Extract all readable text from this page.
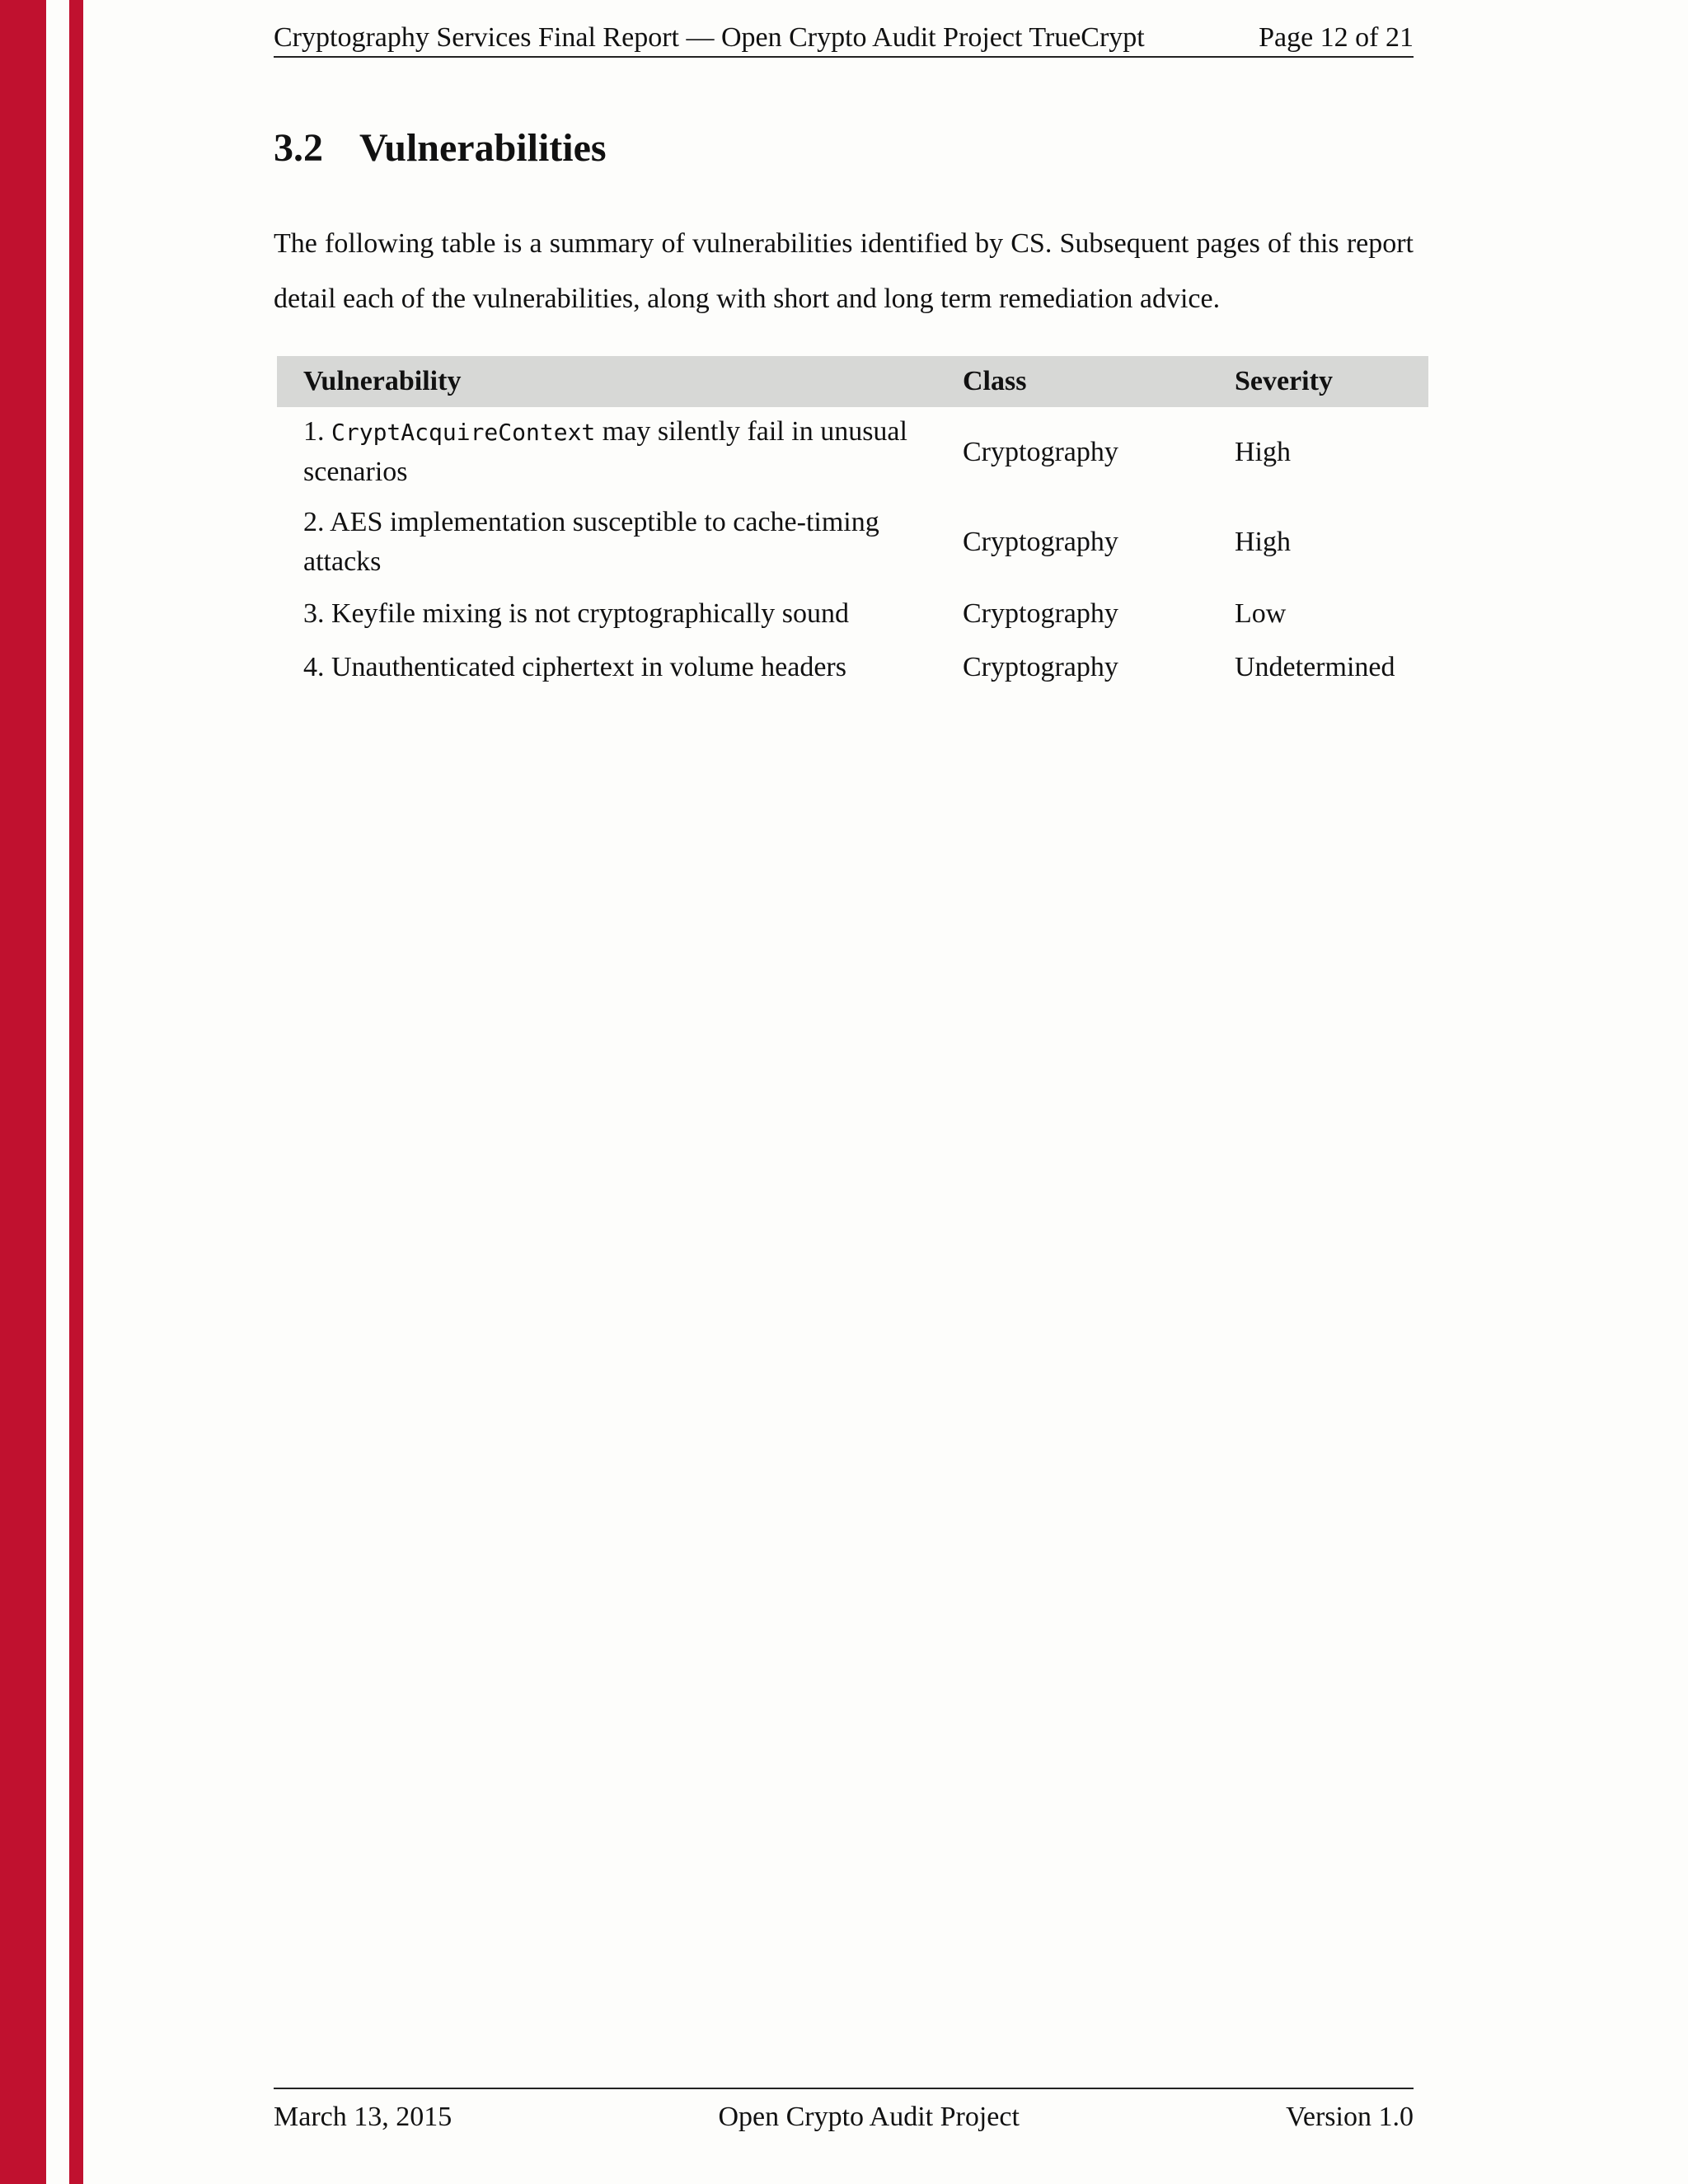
Cryptography Services Final Report — Open Crypto Audit Project TrueCrypt	Page 12 of 21
3.2 Vulnerabilities

The following table is a summary of vulnerabilities identified by CS. Subsequent pages of this report detail each of the vulnerabilities, along with short and long term remediation advice.

Vulnerability	Class	Severity
1. CryptAcquireContext may silently fail in unusual scenarios	Cryptography	High
2. AES implementation susceptible to cache-timing attacks	Cryptography	High
3. Keyfile mixing is not cryptographically sound	Cryptography	Low
4. Unauthenticated ciphertext in volume headers	Cryptography	Undetermined
March 13, 2015	Open Crypto Audit Project	Version 1.0
